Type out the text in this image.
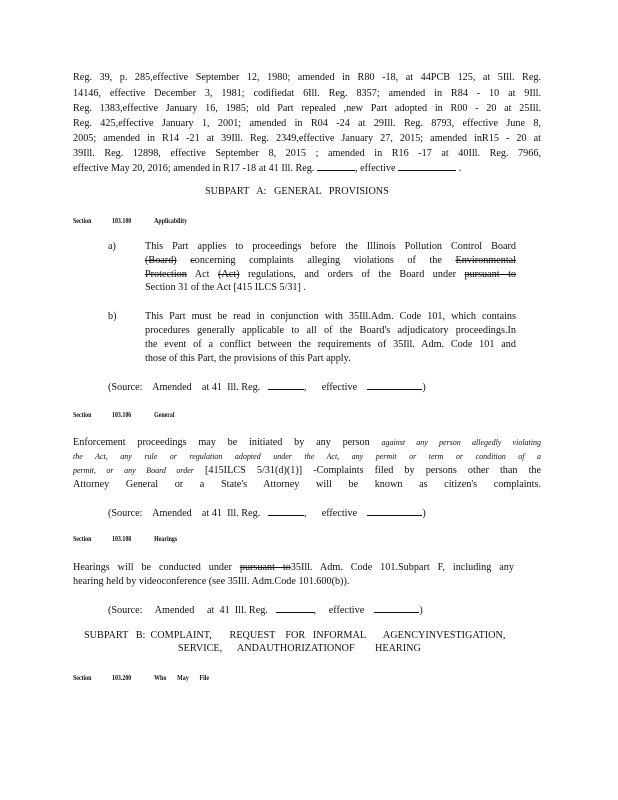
Reg. 39, p. 285,effective September 12, 1980; amended in R80 -18, at 44PCB 125, at 5Ill. Reg.

14146, effective December 3, 1981; codifiedat 6Ill. Reg. 8357; amended in R84 - 10 at 9Ill.

Reg. 1383,effective January 16, 1985; old Part repealed ,new Part adopted in R00 - 20 at 25Ill.

Reg. 425,effective January 1, 2001; amended in R04 -24 at 29Ill. Reg. 8793, effective June 8,

2005; amended in R14 -21 at 39Ill. Reg. 2349,effective January 27, 2015; amended inR15 - 20 at

39Ill. Reg. 12898, effective September 8, 2015 ; amended in R16 -17 at 40Ill. Reg. 7966,

effective May 20, 2016; amended in R17 -18 at 41 Ill. Reg.	, effective	.

SUBPART   A:   GENERAL   PROVISIONS

Section	103.100	Applicability

a)	This Part applies to proceedings before the Illinois Pollution Control Board

(Board) concerning complaints alleging violations of the Environmental

Protection Act (Act) regulations, and orders of the Board under pursuant to

Section 31 of the Act [415 ILCS 5/31] .

b)	This Part must be read in conjunction with 35Ill.Adm. Code 101, which contains

procedures generally applicable to all of the Board's adjudicatory proceedings.In

the event of a conflict between the requirements of 35Ill. Adm. Code 101 and

those of this Part, the provisions of this Part apply.

(Source:    Amended    at 41  Ill. Reg.	,      effective	)

Section	103.106	General

Enforcement proceedings may be initiated by any person against any person allegedly violating

the Act, any rule or regulation adopted under the Act, any permit or term or condition of a

permit, or any Board order [415ILCS 5/31(d)(1)] -Complaints filed by persons other than the

Attorney General or a State's Attorney will be known as citizen's complaints.

(Source:    Amended    at 41  Ill. Reg.	,      effective	)

Section	103.108	Hearings

Hearings will be conducted under pursuant to35Ill. Adm. Code 101.Subpart F, including any

hearing held by videoconference (see 35Ill. Adm.Code 101.600(b)).

(Source:     Amended     at  41  Ill. Reg.	,     effective	)

SUBPART   B:  COMPLAINT,       REQUEST    FOR   INFORMAL       AGENCYINVESTIGATION,

SERVICE,      ANDAUTHORIZATIONOF        HEARING

Section	103.200	Who May File
